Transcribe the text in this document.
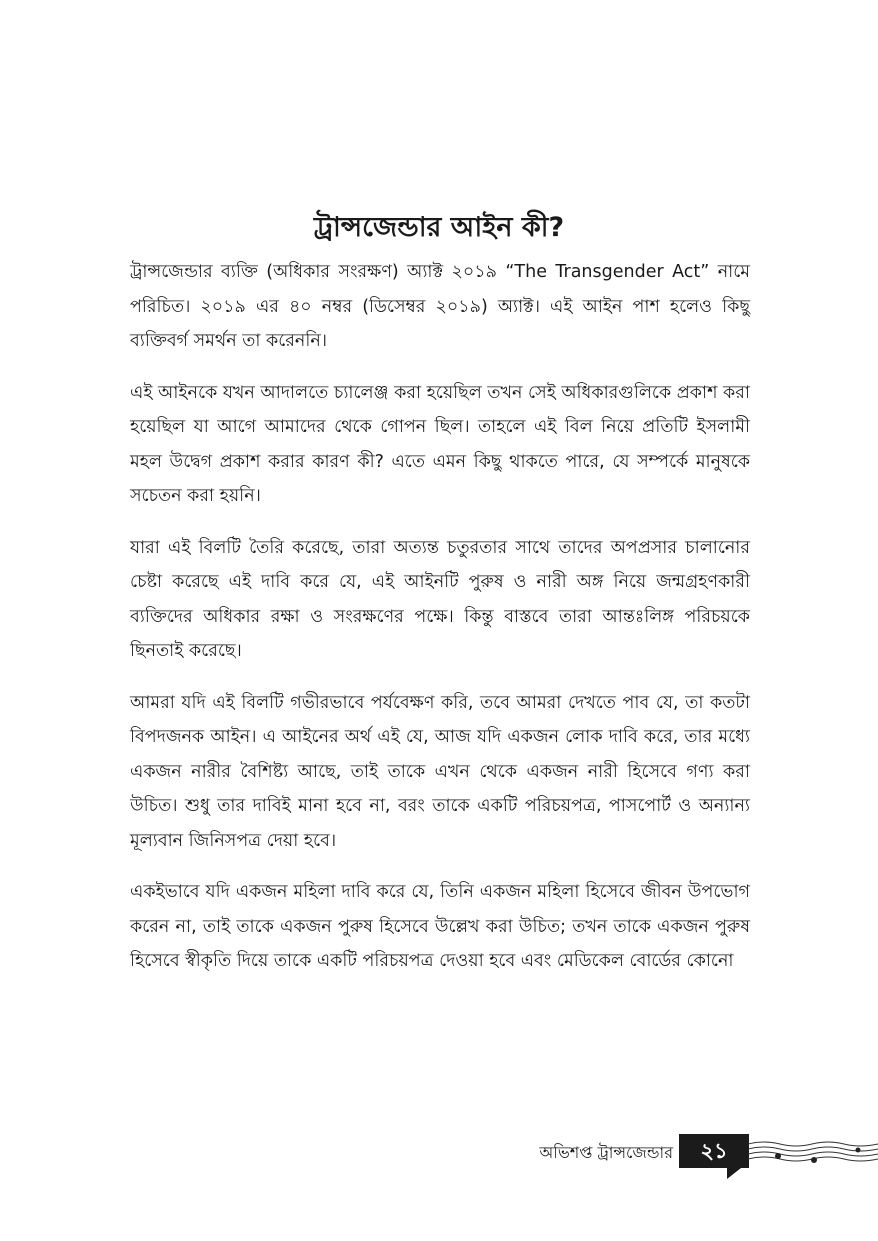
ট্রান্সজেন্ডার আইন কী?

ট্রান্সজেন্ডার ব্যক্তি (অধিকার সংরক্ষণ) অ্যাক্ট ২০১৯ “The Transgender Act” নামে পরিচিত। ২০১৯ এর ৪০ নম্বর (ডিসেম্বর ২০১৯) অ্যাক্ট। এই আইন পাশ হলেও কিছু ব্যক্তিবর্গ সমর্থন তা করেননি।

এই আইনকে যখন আদালতে চ্যালেঞ্জ করা হয়েছিল তখন সেই অধিকারগুলিকে প্রকাশ করা হয়েছিল যা আগে আমাদের থেকে গোপন ছিল। তাহলে এই বিল নিয়ে প্রতিটি ইসলামী মহল উদ্বেগ প্রকাশ করার কারণ কী? এতে এমন কিছু থাকতে পারে, যে সম্পর্কে মানুষকে সচেতন করা হয়নি।

যারা এই বিলটি তৈরি করেছে, তারা অত্যন্ত চতুরতার সাথে তাদের অপপ্রসার চালানোর চেষ্টা করেছে এই দাবি করে যে, এই আইনটি পুরুষ ও নারী অঙ্গ নিয়ে জন্মগ্রহণকারী ব্যক্তিদের অধিকার রক্ষা ও সংরক্ষণের পক্ষে। কিন্তু বাস্তবে তারা আন্তঃলিঙ্গ পরিচয়কে ছিনতাই করেছে।

আমরা যদি এই বিলটি গভীরভাবে পর্যবেক্ষণ করি, তবে আমরা দেখতে পাব যে, তা কতটা বিপদজনক আইন। এ আইনের অর্থ এই যে, আজ যদি একজন লোক দাবি করে, তার মধ্যে একজন নারীর বৈশিষ্ট্য আছে, তাই তাকে এখন থেকে একজন নারী হিসেবে গণ্য করা উচিত। শুধু তার দাবিই মানা হবে না, বরং তাকে একটি পরিচয়পত্র, পাসপোর্ট ও অন্যান্য মূল্যবান জিনিসপত্র দেয়া হবে।

একইভাবে যদি একজন মহিলা দাবি করে যে, তিনি একজন মহিলা হিসেবে জীবন উপভোগ করেন না, তাই তাকে একজন পুরুষ হিসেবে উল্লেখ করা উচিত; তখন তাকে একজন পুরুষ হিসেবে স্বীকৃতি দিয়ে তাকে একটি পরিচয়পত্র দেওয়া হবে এবং মেডিকেল বোর্ডের কোনো

অভিশপ্ত ট্রান্সজেন্ডার	২১
